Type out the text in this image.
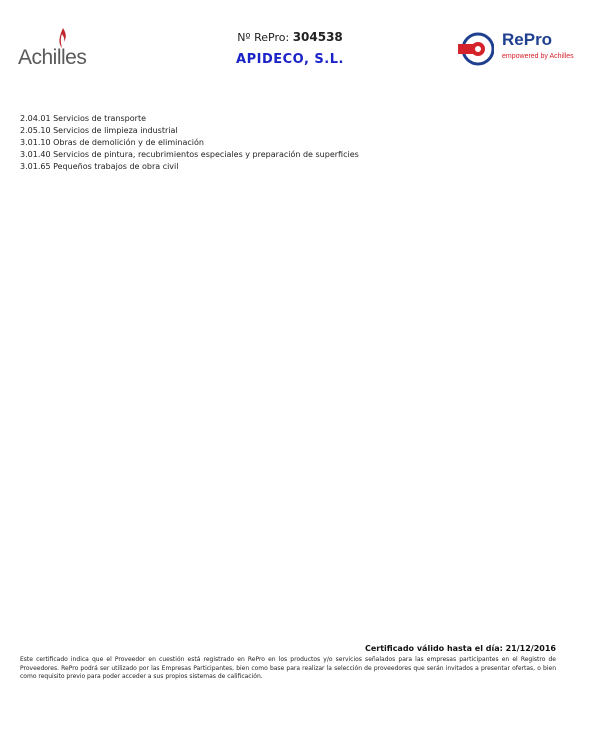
Achilles
Nº RePro: 304538
APIDECO, S.L.
RePro
empowered by Achilles
2.04.01 Servicios de transporte
2.05.10 Servicios de limpieza industrial
3.01.10 Obras de demolición y de eliminación
3.01.40 Servicios de pintura, recubrimientos especiales y preparación de superficies
3.01.65 Pequeños trabajos de obra civil
Certificado válido hasta el día: 21/12/2016
Este certificado indica que el Proveedor en cuestión está registrado en RePro en los productos y/o servicios señalados para las empresas participantes en el Registro de Proveedores. RePro podrá ser utilizado por las Empresas Participantes, bien como base para realizar la selección de proveedores que serán invitados a presentar ofertas, o bien como requisito previo para poder acceder a sus propios sistemas de calificación.
